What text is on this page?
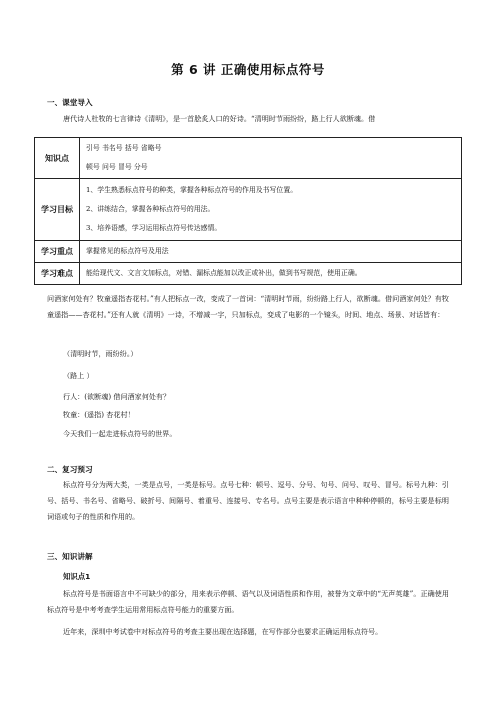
第 6 讲 正确使用标点符号
一、课堂导入
唐代诗人杜牧的七言律诗《清明》，是一首脍炙人口的好诗。“清明时节雨纷纷，路上行人欲断魂。借
知识点	引号 书名号 括号 省略号
顿号 问号 冒号 分号

学习目标	1、学生熟悉标点符号的种类，掌握各种标点符号的作用及书写位置。
2、讲练结合，掌握各种标点符号的用法。
3、培养语感，学习运用标点符号传达感情。

学习重点	掌握常见的标点符号及用法

学习难点	能给现代文、文言文加标点，对错、漏标点能加以改正或补出，做到书写规范，使用正确。
问酒家何处有？牧童遥指杏花村。”有人把标点一改，变成了一首词：“清明时节雨，纷纷路上行人，欲断魂。借问酒家何处？有牧童遥指——杏花村。”还有人就《清明》一诗，不增减一字，只加标点，变成了电影的一个镜头，时间、地点、场景、对话皆有：
（清明时节，雨纷纷。）
（路上 ）
行人：(欲断魂) 借问酒家何处有？
牧童：(遥指) 杏花村！
今天我们一起走进标点符号的世界。
二、复习预习
标点符号分为两大类，一类是点号，一类是标号。点号七种：顿号、逗号、分号、句号、问号、叹号、冒号。标号九种：引号、括号、书名号、省略号、破折号、间隔号、着重号、连接号、专名号。点号主要是表示语言中种种停顿的，标号主要是标明词语或句子的性质和作用的。
三、知识讲解
知识点1
标点符号是书面语言中不可缺少的部分，用来表示停顿、语气以及词语性质和作用，被誉为文章中的“无声英雄”。正确使用标点符号是中考考查学生运用常用标点符号能力的重要方面。
近年来，深圳中考试卷中对标点符号的考查主要出现在选择题，在写作部分也要求正确运用标点符号。
